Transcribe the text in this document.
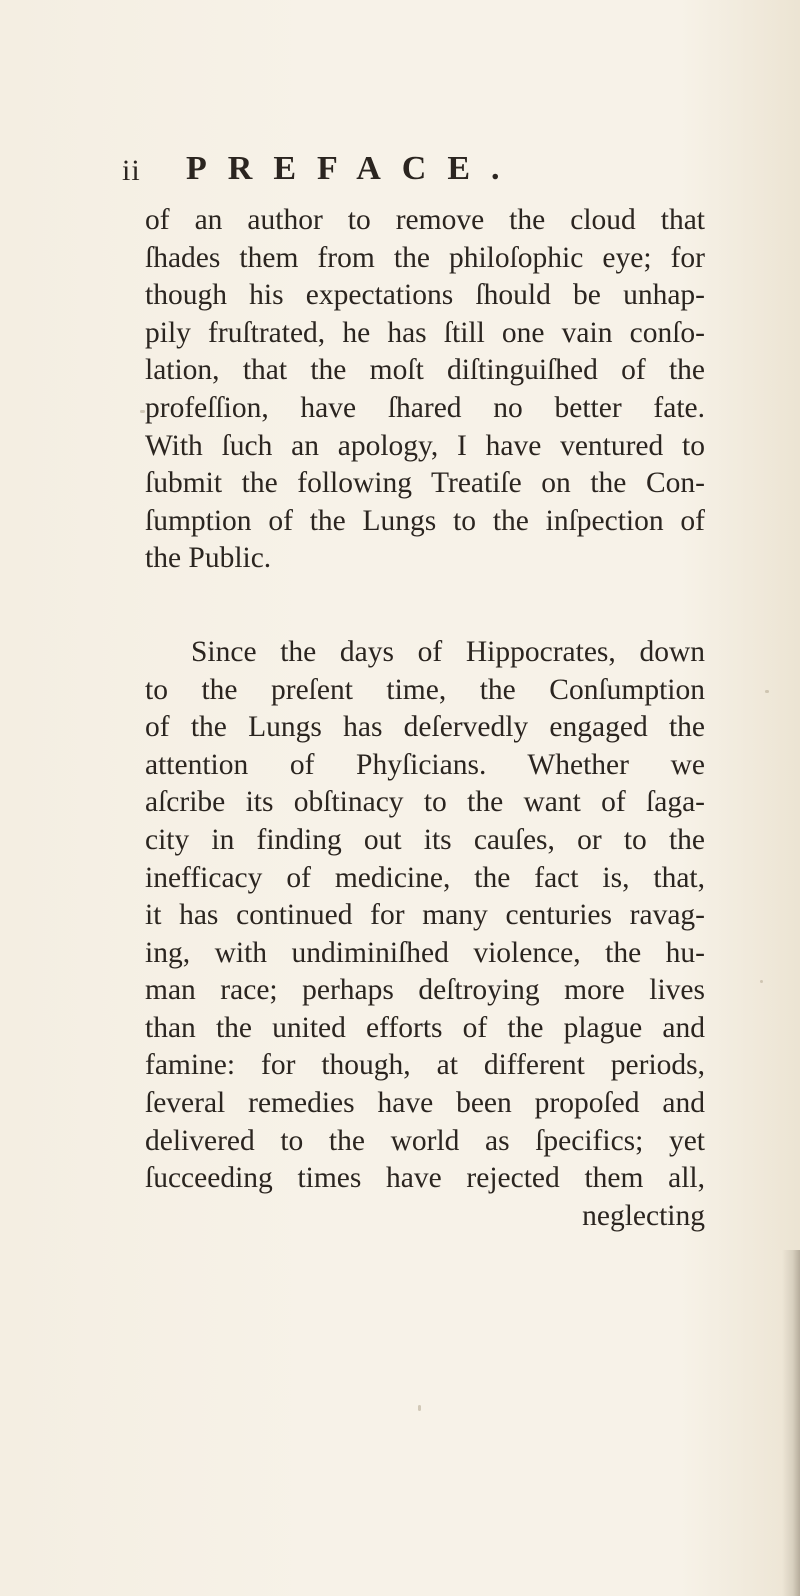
ii PREFACE.
of an author to remove the cloud that
ſhades them from the philoſophic eye; for
though his expectations ſhould be unhap-
pily fruſtrated, he has ſtill one vain conſo-
lation, that the moſt diſtinguiſhed of the
profeſſion, have ſhared no better fate.
With ſuch an apology, I have ventured to
ſubmit the following Treatiſe on the Con-
ſumption of the Lungs to the inſpection of
the Public.
Since the days of Hippocrates, down
to the preſent time, the Conſumption
of the Lungs has deſervedly engaged the
attention of Phyſicians. Whether we
aſcribe its obſtinacy to the want of ſaga-
city in finding out its cauſes, or to the
inefficacy of medicine, the fact is, that,
it has continued for many centuries ravag-
ing, with undiminiſhed violence, the hu-
man race; perhaps deſtroying more lives
than the united efforts of the plague and
famine: for though, at different periods,
ſeveral remedies have been propoſed and
delivered to the world as ſpecifics; yet
ſucceeding times have rejected them all,
neglecting
